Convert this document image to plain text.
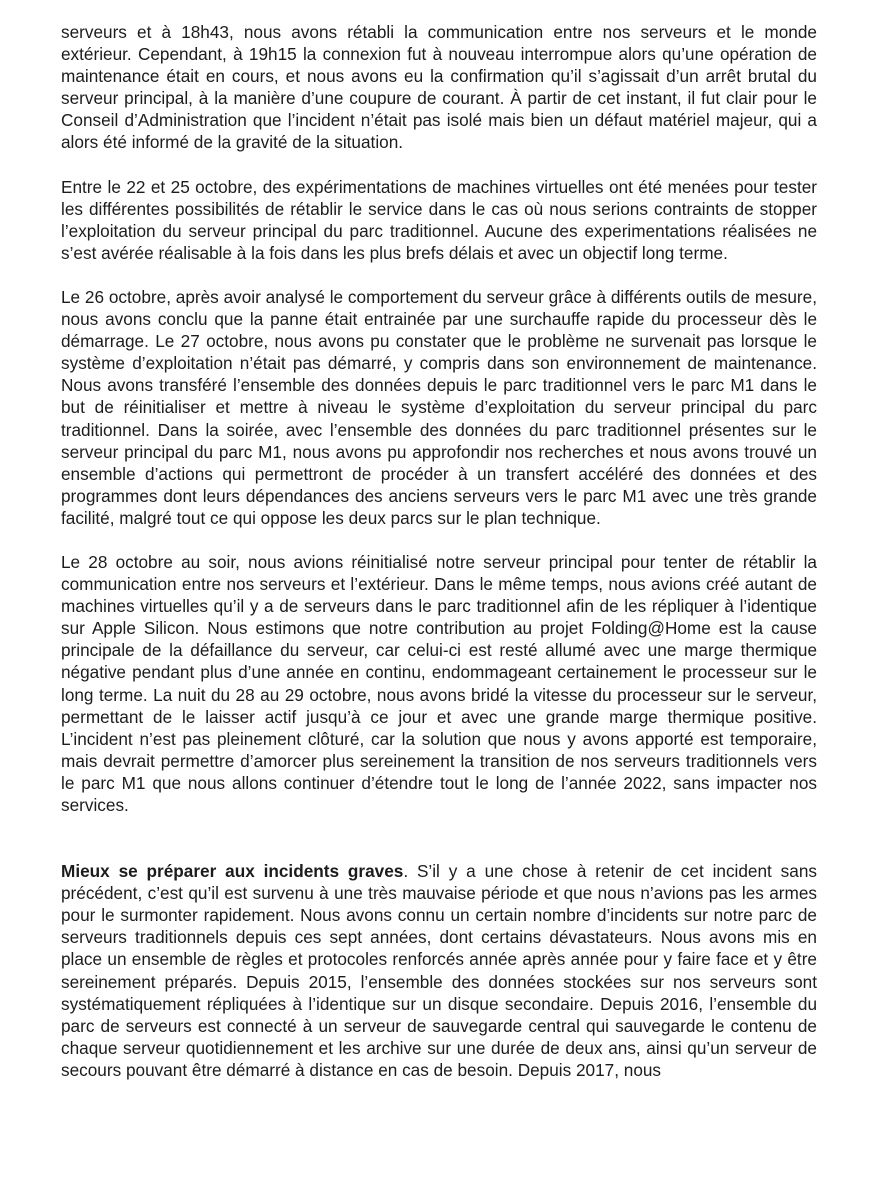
serveurs et à 18h43, nous avons rétabli la communication entre nos serveurs et le monde extérieur. Cependant, à 19h15 la connexion fut à nouveau interrompue alors qu’une opération de maintenance était en cours, et nous avons eu la confirmation qu’il s’agissait d’un arrêt brutal du serveur principal, à la manière d’une coupure de courant. À partir de cet instant, il fut clair pour le Conseil d’Administration que l’incident n’était pas isolé mais bien un défaut matériel majeur, qui a alors été informé de la gravité de la situation.

Entre le 22 et 25 octobre, des expérimentations de machines virtuelles ont été menées pour tester les différentes possibilités de rétablir le service dans le cas où nous serions contraints de stopper l’exploitation du serveur principal du parc traditionnel. Aucune des experimentations réalisées ne s’est avérée réalisable à la fois dans les plus brefs délais et avec un objectif long terme.

Le 26 octobre, après avoir analysé le comportement du serveur grâce à différents outils de mesure, nous avons conclu que la panne était entrainée par une surchauffe rapide du processeur dès le démarrage. Le 27 octobre, nous avons pu constater que le problème ne survenait pas lorsque le système d’exploitation n’était pas démarré, y compris dans son environnement de maintenance. Nous avons transféré l’ensemble des données depuis le parc traditionnel vers le parc M1 dans le but de réinitialiser et mettre à niveau le système d’exploitation du serveur principal du parc traditionnel. Dans la soirée, avec l’ensemble des données du parc traditionnel présentes sur le serveur principal du parc M1, nous avons pu approfondir nos recherches et nous avons trouvé un ensemble d’actions qui permettront de procéder à un transfert accéléré des données et des programmes dont leurs dépendances des anciens serveurs vers le parc M1 avec une très grande facilité, malgré tout ce qui oppose les deux parcs sur le plan technique.

Le 28 octobre au soir, nous avions réinitialisé notre serveur principal pour tenter de rétablir la communication entre nos serveurs et l’extérieur. Dans le même temps, nous avions créé autant de machines virtuelles qu’il y a de serveurs dans le parc traditionnel afin de les répliquer à l’identique sur Apple Silicon. Nous estimons que notre contribution au projet Folding@Home est la cause principale de la défaillance du serveur, car celui-ci est resté allumé avec une marge thermique négative pendant plus d’une année en continu, endommageant certainement le processeur sur le long terme. La nuit du 28 au 29 octobre, nous avons bridé la vitesse du processeur sur le serveur, permettant de le laisser actif jusqu’à ce jour et avec une grande marge thermique positive. L’incident n’est pas pleinement clôturé, car la solution que nous y avons apporté est temporaire, mais devrait permettre d’amorcer plus sereinement la transition de nos serveurs traditionnels vers le parc M1 que nous allons continuer d’étendre tout le long de l’année 2022, sans impacter nos services.

Mieux se préparer aux incidents graves. S’il y a une chose à retenir de cet incident sans précédent, c’est qu’il est survenu à une très mauvaise période et que nous n’avions pas les armes pour le surmonter rapidement. Nous avons connu un certain nombre d’incidents sur notre parc de serveurs traditionnels depuis ces sept années, dont certains dévastateurs. Nous avons mis en place un ensemble de règles et protocoles renforcés année après année pour y faire face et y être sereinement préparés. Depuis 2015, l’ensemble des données stockées sur nos serveurs sont systématiquement répliquées à l’identique sur un disque secondaire. Depuis 2016, l’ensemble du parc de serveurs est connecté à un serveur de sauvegarde central qui sauvegarde le contenu de chaque serveur quotidiennement et les archive sur une durée de deux ans, ainsi qu’un serveur de secours pouvant être démarré à distance en cas de besoin. Depuis 2017, nous
